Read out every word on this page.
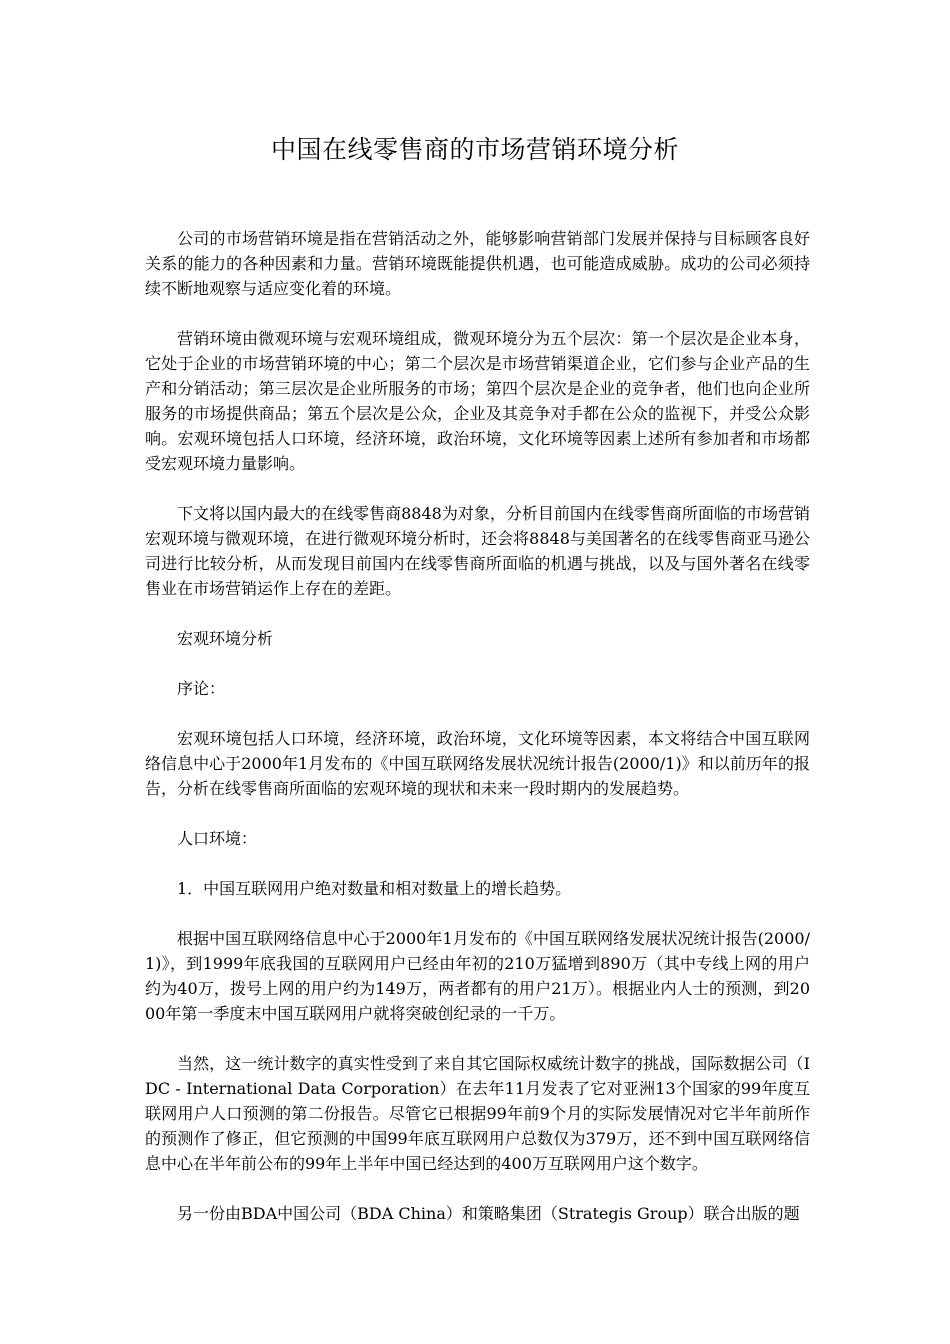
中国在线零售商的市场营销环境分析

公司的市场营销环境是指在营销活动之外，能够影响营销部门发展并保持与目标顾客良好关系的能力的各种因素和力量。营销环境既能提供机遇，也可能造成威胁。成功的公司必须持续不断地观察与适应变化着的环境。

营销环境由微观环境与宏观环境组成，微观环境分为五个层次：第一个层次是企业本身，它处于企业的市场营销环境的中心；第二个层次是市场营销渠道企业，它们参与企业产品的生产和分销活动；第三层次是企业所服务的市场；第四个层次是企业的竞争者，他们也向企业所服务的市场提供商品；第五个层次是公众，企业及其竞争对手都在公众的监视下，并受公众影响。宏观环境包括人口环境，经济环境，政治环境，文化环境等因素上述所有参加者和市场都受宏观环境力量影响。

下文将以国内最大的在线零售商8848为对象，分析目前国内在线零售商所面临的市场营销宏观环境与微观环境，在进行微观环境分析时，还会将8848与美国著名的在线零售商亚马逊公司进行比较分析，从而发现目前国内在线零售商所面临的机遇与挑战，以及与国外著名在线零售业在市场营销运作上存在的差距。

宏观环境分析

序论：

宏观环境包括人口环境，经济环境，政治环境，文化环境等因素，本文将结合中国互联网络信息中心于2000年1月发布的《中国互联网络发展状况统计报告(2000/1)》和以前历年的报告，分析在线零售商所面临的宏观环境的现状和未来一段时期内的发展趋势。

人口环境：

1．中国互联网用户绝对数量和相对数量上的增长趋势。

根据中国互联网络信息中心于2000年1月发布的《中国互联网络发展状况统计报告(2000/1)》，到1999年底我国的互联网用户已经由年初的210万猛增到890万（其中专线上网的用户约为40万，拨号上网的用户约为149万，两者都有的用户21万）。根据业内人士的预测，到2000年第一季度末中国互联网用户就将突破创纪录的一千万。

当然，这一统计数字的真实性受到了来自其它国际权威统计数字的挑战，国际数据公司（IDC - International Data Corporation）在去年11月发表了它对亚洲13个国家的99年度互联网用户人口预测的第二份报告。尽管它已根据99年前9个月的实际发展情况对它半年前所作的预测作了修正，但它预测的中国99年底互联网用户总数仅为379万，还不到中国互联网络信息中心在半年前公布的99年上半年中国已经达到的400万互联网用户这个数字。

另一份由BDA中国公司（BDA China）和策略集团（Strategis Group）联合出版的题
